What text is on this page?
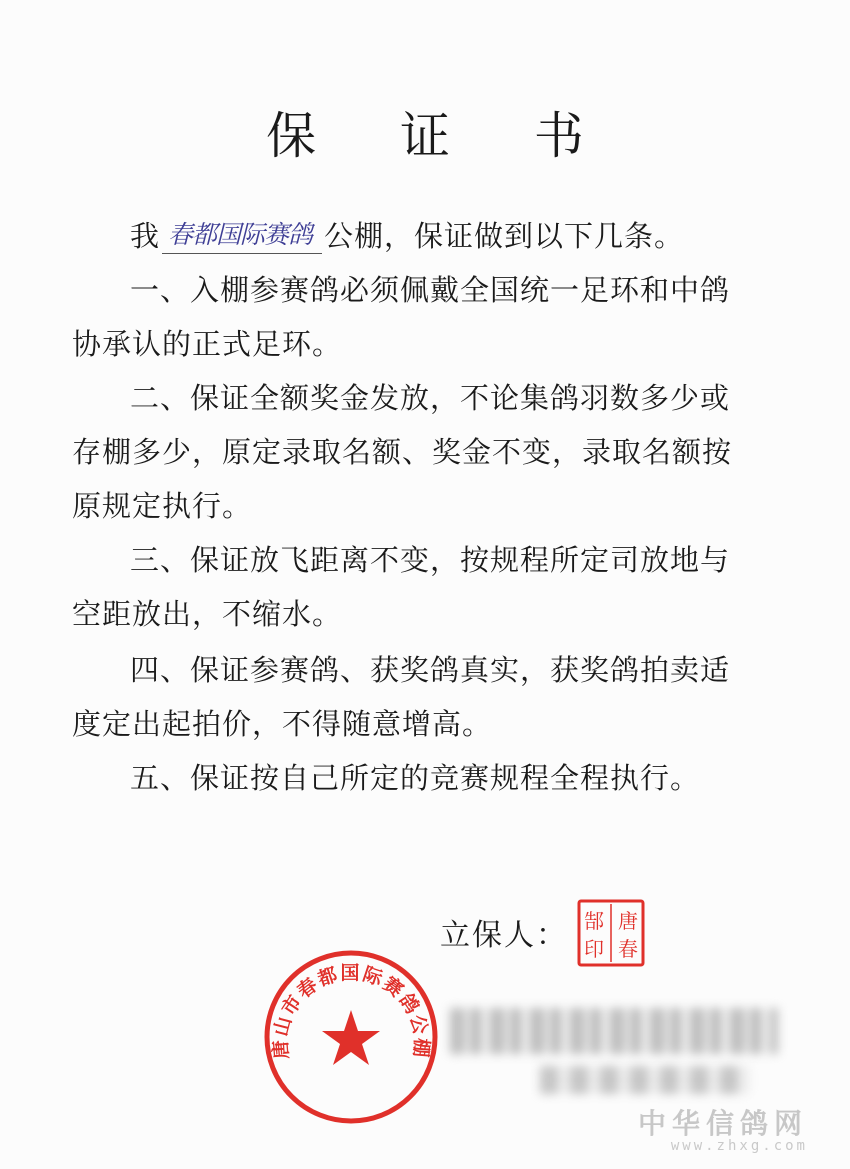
保 证 书
我 春都国际赛鸽 公棚，保证做到以下几条。
一、入棚参赛鸽必须佩戴全国统一足环和中鸽
协承认的正式足环。
二、保证全额奖金发放，不论集鸽羽数多少或
存棚多少，原定录取名额、奖金不变，录取名额按
原规定执行。
三、保证放飞距离不变，按规程所定司放地与
空距放出，不缩水。
四、保证参赛鸽、获奖鸽真实，获奖鸽拍卖适
度定出起拍价，不得随意增高。
五、保证按自己所定的竞赛规程全程执行。
立保人： 郜
印
唐
春
唐山市春都国际赛鸽公棚
中华信鸽网
www.zhxg.com
